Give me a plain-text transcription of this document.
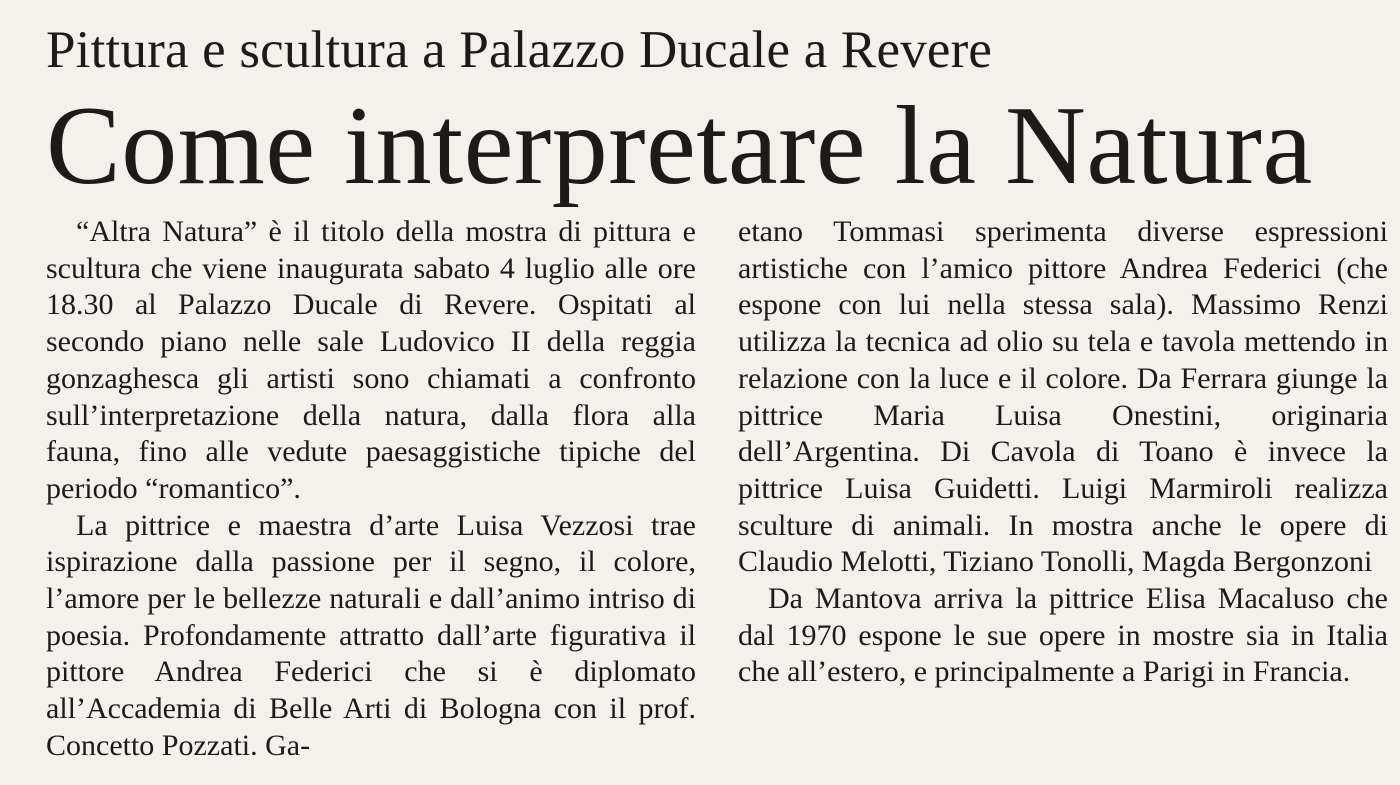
Pittura e scultura a Palazzo Ducale a Revere
Come interpretare la Natura

“Altra Natura” è il titolo della mostra di pittura e scultura che viene inaugurata sabato 4 luglio alle ore 18.30 al Palazzo Ducale di Revere. Ospitati al secondo piano nelle sale Ludovico II della reggia gonzaghesca gli artisti sono chiamati a confronto sull’interpretazione della natura, dalla flora alla fauna, fino alle vedute paesaggistiche tipiche del periodo “romantico”.

La pittrice e maestra d’arte Luisa Vezzosi trae ispirazione dalla passione per il segno, il colore, l’amore per le bellezze naturali e dall’animo intriso di poesia. Profondamente attratto dall’arte figurativa il pittore Andrea Federici che si è diplomato all’Accademia di Belle Arti di Bologna con il prof. Concetto Pozzati. Ga-

etano Tommasi sperimenta diverse espressioni artistiche con l’amico pittore Andrea Federici (che espone con lui nella stessa sala). Massimo Renzi utilizza la tecnica ad olio su tela e tavola mettendo in relazione con la luce e il colore. Da Ferrara giunge la pittrice Maria Luisa Onestini, originaria dell’Argentina. Di Cavola di Toano è invece la pittrice Luisa Guidetti. Luigi Marmiroli realizza sculture di animali. In mostra anche le opere di Claudio Melotti, Tiziano Tonolli, Magda Bergonzoni

Da Mantova arriva la pittrice Elisa Macaluso che dal 1970 espone le sue opere in mostre sia in Italia che all’estero, e principalmente a Parigi in Francia.
